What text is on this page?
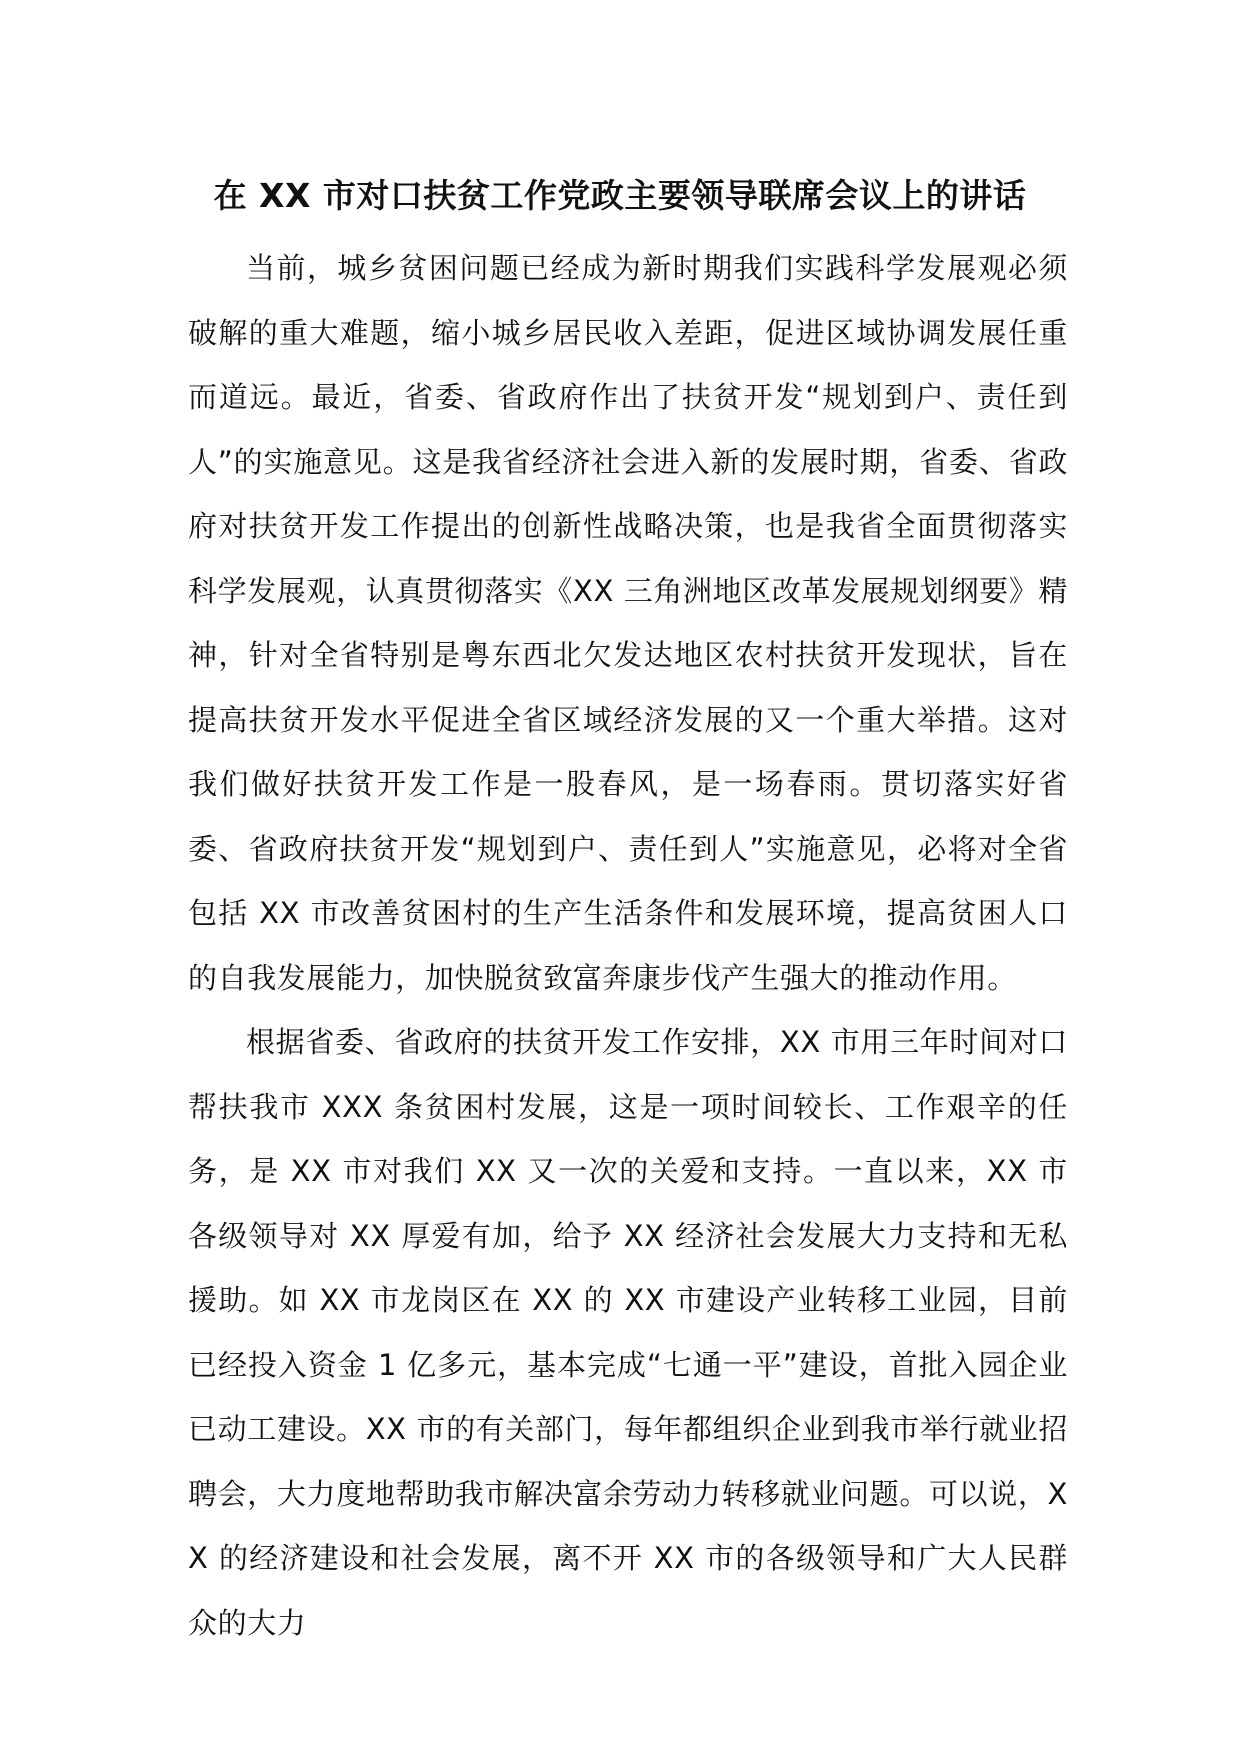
在 XX 市对口扶贫工作党政主要领导联席会议上的讲话

当前，城乡贫困问题已经成为新时期我们实践科学发展观必须破解的重大难题，缩小城乡居民收入差距，促进区域协调发展任重而道远。最近，省委、省政府作出了扶贫开发“规划到户、责任到人”的实施意见。这是我省经济社会进入新的发展时期，省委、省政府对扶贫开发工作提出的创新性战略决策，也是我省全面贯彻落实科学发展观，认真贯彻落实《XX 三角洲地区改革发展规划纲要》精神，针对全省特别是粤东西北欠发达地区农村扶贫开发现状，旨在提高扶贫开发水平促进全省区域经济发展的又一个重大举措。这对我们做好扶贫开发工作是一股春风，是一场春雨。贯切落实好省委、省政府扶贫开发“规划到户、责任到人”实施意见，必将对全省包括 XX 市改善贫困村的生产生活条件和发展环境，提高贫困人口的自我发展能力，加快脱贫致富奔康步伐产生强大的推动作用。

根据省委、省政府的扶贫开发工作安排，XX 市用三年时间对口帮扶我市 XXX 条贫困村发展，这是一项时间较长、工作艰辛的任务，是 XX 市对我们 XX 又一次的关爱和支持。一直以来，XX 市各级领导对 XX 厚爱有加，给予 XX 经济社会发展大力支持和无私援助。如 XX 市龙岗区在 XX 的 XX 市建设产业转移工业园，目前已经投入资金 1 亿多元，基本完成“七通一平”建设，首批入园企业已动工建设。XX 市的有关部门，每年都组织企业到我市举行就业招聘会，大力度地帮助我市解决富余劳动力转移就业问题。可以说，XX 的经济建设和社会发展，离不开 XX 市的各级领导和广大人民群众的大力
